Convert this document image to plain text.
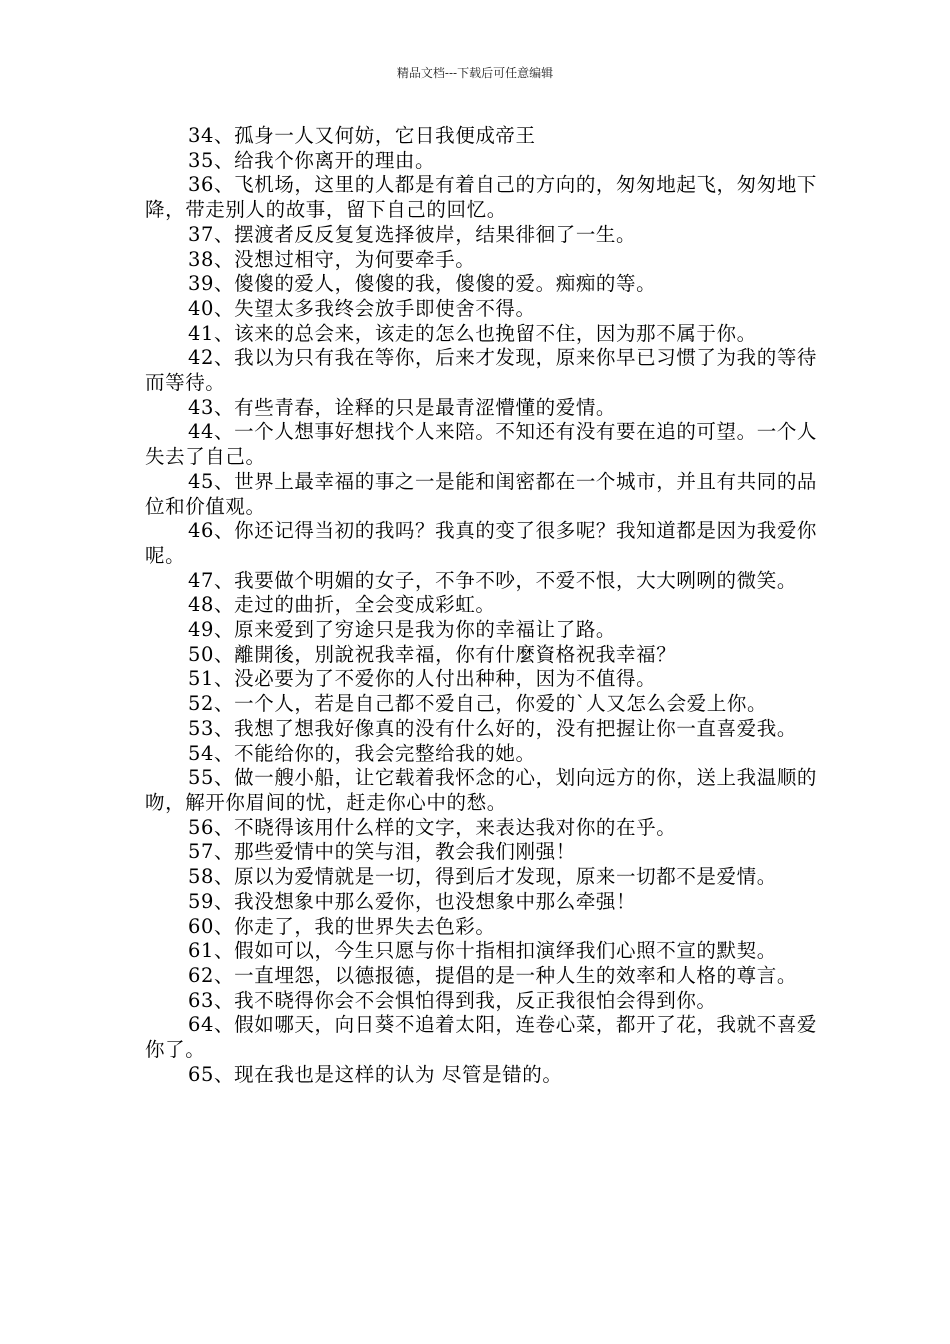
精品文档---下载后可任意编辑

34、孤身一人又何妨，它日我便成帝王

35、给我个你离开的理由。

36、飞机场，这里的人都是有着自己的方向的，匆匆地起飞，匆匆地下降，带走别人的故事，留下自己的回忆。

37、摆渡者反反复复选择彼岸，结果徘徊了一生。

38、没想过相守，为何要牵手。

39、傻傻的爱人，傻傻的我，傻傻的爱。痴痴的等。

40、失望太多我终会放手即使舍不得。

41、该来的总会来，该走的怎么也挽留不住，因为那不属于你。

42、我以为只有我在等你，后来才发现，原来你早已习惯了为我的等待而等待。

43、有些青春，诠释的只是最青涩懵懂的爱情。

44、一个人想事好想找个人来陪。不知还有没有要在追的可望。一个人失去了自己。

45、世界上最幸福的事之一是能和闺密都在一个城市，并且有共同的品位和价值观。

46、你还记得当初的我吗？我真的变了很多呢？我知道都是因为我爱你呢。

47、我要做个明媚的女子，不争不吵，不爱不恨，大大咧咧的微笑。

48、走过的曲折，全会变成彩虹。

49、原来爱到了穷途只是我为你的幸福让了路。

50、離開後，別說祝我幸福，你有什麼資格祝我幸福？

51、没必要为了不爱你的人付出种种，因为不值得。

52、一个人，若是自己都不爱自己，你爱的`人又怎么会爱上你。

53、我想了想我好像真的没有什么好的，没有把握让你一直喜爱我。

54、不能给你的，我会完整给我的她。

55、做一艘小船，让它载着我怀念的心，划向远方的你，送上我温顺的吻，解开你眉间的忧，赶走你心中的愁。

56、不晓得该用什么样的文字，来表达我对你的在乎。

57、那些爱情中的笑与泪，教会我们刚强！

58、原以为爱情就是一切，得到后才发现，原来一切都不是爱情。

59、我没想象中那么爱你，也没想象中那么牵强！

60、你走了，我的世界失去色彩。

61、假如可以，今生只愿与你十指相扣演绎我们心照不宣的默契。

62、一直埋怨，以德报德，提倡的是一种人生的效率和人格的尊言。

63、我不晓得你会不会惧怕得到我，反正我很怕会得到你。

64、假如哪天，向日葵不追着太阳，连卷心菜，都开了花，我就不喜爱你了。

65、现在我也是这样的认为 尽管是错的。
